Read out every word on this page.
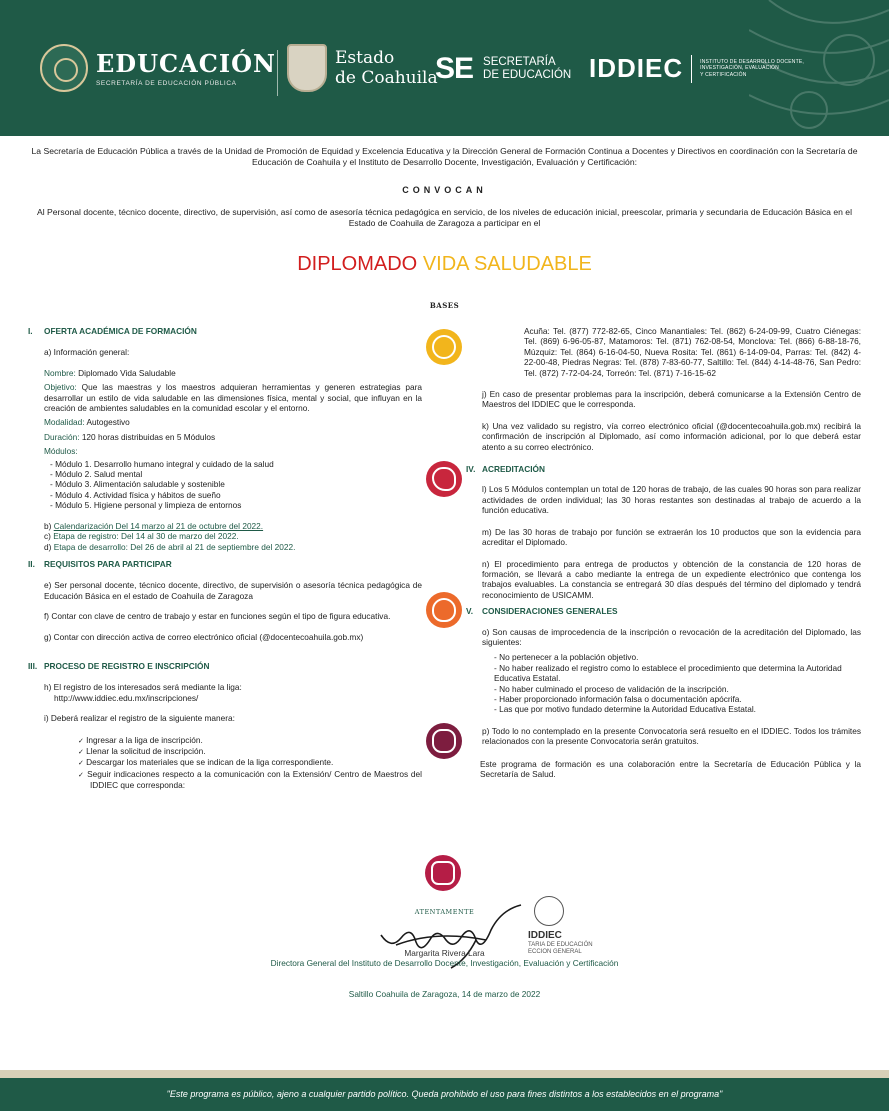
EDUCACIÓN
SECRETARÍA DE EDUCACIÓN PÚBLICA
Estado
de Coahuila
SE SECRETARÍA
DE EDUCACIÓN IDDIEC	INSTITUTO DE DESARROLLO DOCENTE,
INVESTIGACIÓN, EVALUACIÓN
Y CERTIFICACIÓN
La Secretaría de Educación Pública a través de la Unidad de Promoción de Equidad y Excelencia Educativa y la Dirección General de Formación Continua a Docentes y Directivos en coordinación con la Secretaría de Educación de Coahuila y el Instituto de Desarrollo Docente, Investigación, Evaluación y Certificación:
CONVOCAN
Al Personal docente, técnico docente, directivo, de supervisión, así como de asesoría técnica pedagógica en servicio, de los niveles de educación inicial, preescolar, primaria y secundaria de Educación Básica en el Estado de Coahuila de Zaragoza a participar en el
DIPLOMADO VIDA SALUDABLE
BASES
I.	OFERTA ACADÉMICA DE FORMACIÓN

a) Información general:

Nombre: Diplomado Vida Saludable

Objetivo: Que las maestras y los maestros adquieran herramientas y generen estrategias para desarrollar un estilo de vida saludable en las dimensiones física, mental y social, que influyan en la creación de ambientes saludables en la comunidad escolar y el entorno.

Modalidad: Autogestivo

Duración: 120 horas distribuidas en 5 Módulos

Módulos:

- Módulo 1. Desarrollo humano integral y cuidado de la salud
- Módulo 2. Salud mental
- Módulo 3. Alimentación saludable y sostenible
- Módulo 4. Actividad física y hábitos de sueño
- Módulo 5. Higiene personal y limpieza de entornos

b) Calendarización Del 14 marzo al 21 de octubre del 2022.

c) Etapa de registro: Del 14 al 30 de marzo del 2022.

d) Etapa de desarrollo: Del 26 de abril al 21 de septiembre del 2022.

II.	REQUISITOS PARA PARTICIPAR

e) Ser personal docente, técnico docente, directivo, de supervisión o asesoría técnica pedagógica de Educación Básica en el estado de Coahuila de Zaragoza

f) Contar con clave de centro de trabajo y estar en funciones según el tipo de figura educativa.

g) Contar con dirección activa de correo electrónico oficial (@docentecoahuila.gob.mx)

III. PROCESO DE REGISTRO E INSCRIPCIÓN

h) El registro de los interesados será mediante la liga:

http://www.iddiec.edu.mx/inscripciones/

i) Deberá realizar el registro de la siguiente manera:

✓ Ingresar a la liga de inscripción.
✓ Llenar la solicitud de inscripción.
✓ Descargar los materiales que se indican de la liga correspondiente.
✓ Seguir indicaciones respecto a la comunicación con la Extensión/ Centro de Maestros del IDDIEC que corresponda:

Acuña: Tel. (877) 772-82-65, Cinco Manantiales: Tel. (862) 6-24-09-99, Cuatro Ciénegas: Tel. (869) 6-96-05-87, Matamoros: Tel. (871) 762-08-54, Monclova: Tel. (866) 6-88-18-76, Múzquiz: Tel. (864) 6-16-04-50, Nueva Rosita: Tel. (861) 6-14-09-04, Parras: Tel. (842) 4-22-00-48, Piedras Negras: Tel. (878) 7-83-60-77, Saltillo: Tel. (844) 4-14-48-76, San Pedro: Tel. (872) 7-72-04-24, Torreón: Tel. (871) 7-16-15-62

j) En caso de presentar problemas para la inscripción, deberá comunicarse a la Extensión Centro de Maestros del IDDIEC que le corresponda.

k) Una vez validado su registro, vía correo electrónico oficial (@docentecoahuila.gob.mx) recibirá la confirmación de inscripción al Diplomado, así como información adicional, por lo que deberá estar atento a su correo electrónico.

IV. ACREDITACIÓN

l) Los 5 Módulos contemplan un total de 120 horas de trabajo, de las cuales 90 horas son para realizar actividades de orden individual; las 30 horas restantes son destinadas al trabajo de acuerdo a la función educativa.

m) De las 30 horas de trabajo por función se extraerán los 10 productos que son la evidencia para acreditar el Diplomado.

n) El procedimiento para entrega de productos y obtención de la constancia de 120 horas de formación, se llevará a cabo mediante la entrega de un expediente electrónico que contenga los trabajos evaluables. La constancia se entregará 30 días después del término del diplomado y tendrá reconocimiento de USICAMM.

V.	CONSIDERACIONES GENERALES

o) Son causas de improcedencia de la inscripción o revocación de la acreditación del Diplomado, las siguientes:

- No pertenecer a la población objetivo.
- No haber realizado el registro como lo establece el procedimiento que determina la Autoridad Educativa Estatal.
- No haber culminado el proceso de validación de la inscripción.
- Haber proporcionado información falsa o documentación apócrifa.
- Las que por motivo fundado determine la Autoridad Educativa Estatal.

p) Todo lo no contemplado en la presente Convocatoria será resuelto en el IDDIEC. Todos los trámites relacionados con la presente Convocatoria serán gratuitos.

Este programa de formación es una colaboración entre la Secretaría de Educación Pública y la Secretaría de Salud.

ATENTAMENTE
IDDIEC
TARIA DE EDUCACIÓN
ECCION GENERAL
Margarita Rivera Lara
Directora General del Instituto de Desarrollo Docente, Investigación, Evaluación y Certificación
Saltillo Coahuila de Zaragoza, 14 de marzo de 2022
"Este programa es público, ajeno a cualquier partido político. Queda prohibido el uso para fines distintos a los establecidos en el programa"
